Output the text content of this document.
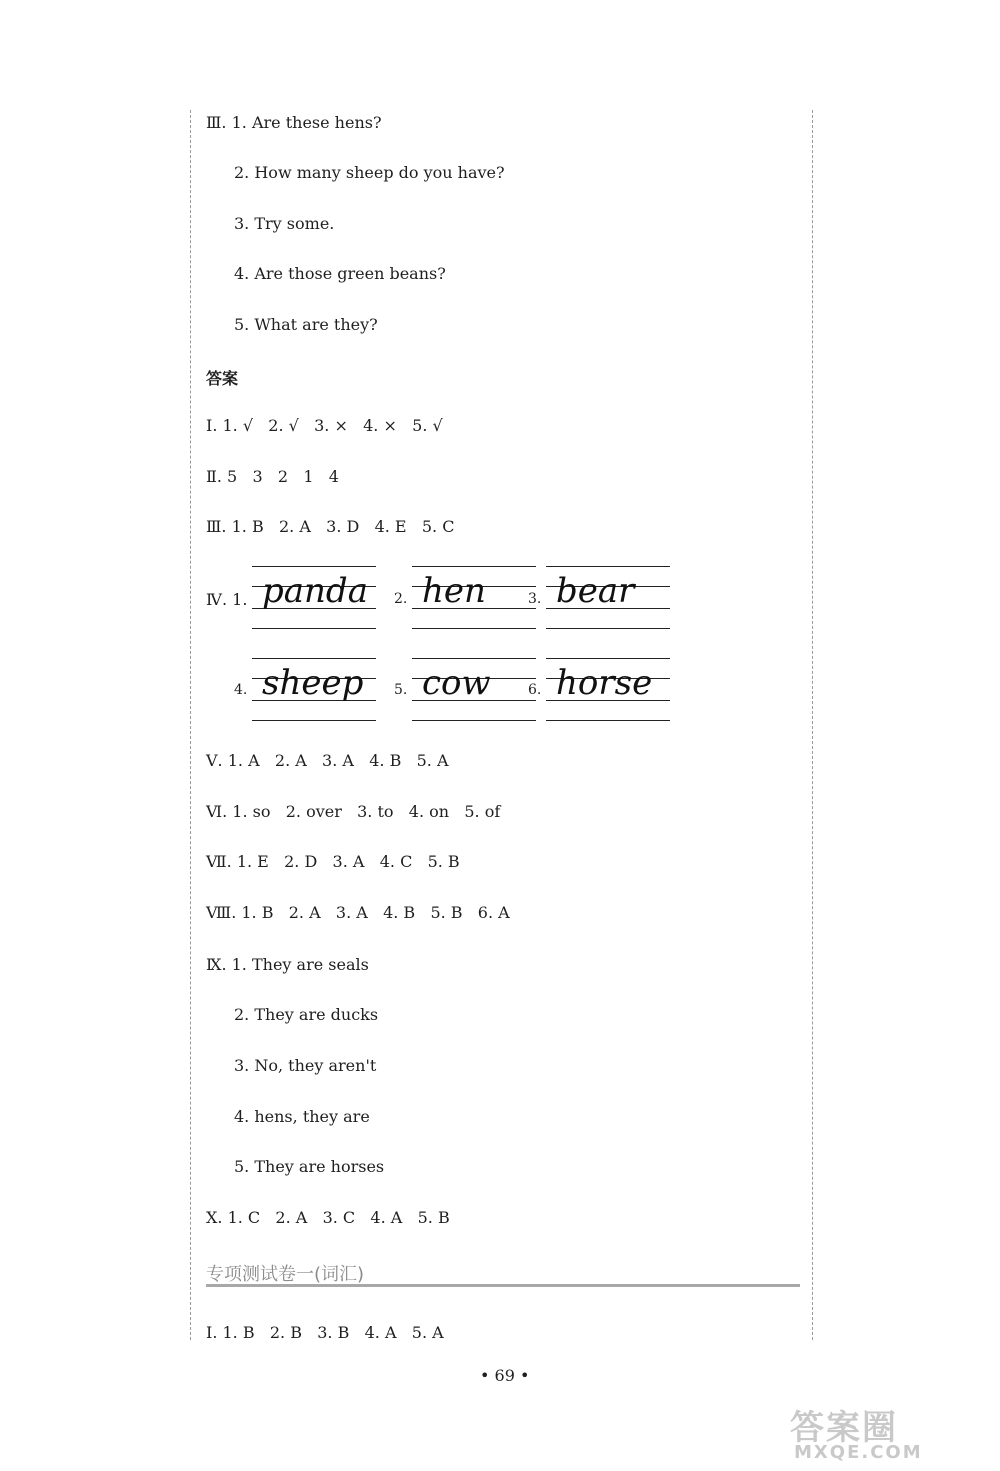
Ⅲ. 1. Are these hens?
2. How many sheep do you have?
3. Try some.
4. Are those green beans?
5. What are they?
答案
Ⅰ. 1. √   2. √   3. ×   4. ×   5. √
Ⅱ. 5   3   2   1   4
Ⅲ. 1. B   2. A   3. D   4. E   5. C
Ⅳ. 1. panda 2. hen	3. bear
4. sheep 5. cow	6. horse
Ⅴ. 1. A   2. A   3. A   4. B   5. A
Ⅵ. 1. so   2. over   3. to   4. on   5. of
Ⅶ. 1. E   2. D   3. A   4. C   5. B
Ⅷ. 1. B   2. A   3. A   4. B   5. B   6. A
Ⅸ. 1. They are seals
2. They are ducks
3. No, they aren't
4. hens, they are
5. They are horses
Ⅹ. 1. C   2. A   3. C   4. A   5. B
专项测试卷一(词汇)
Ⅰ. 1. B   2. B   3. B   4. A   5. A
• 69 •
答案圈
MXQE.COM
